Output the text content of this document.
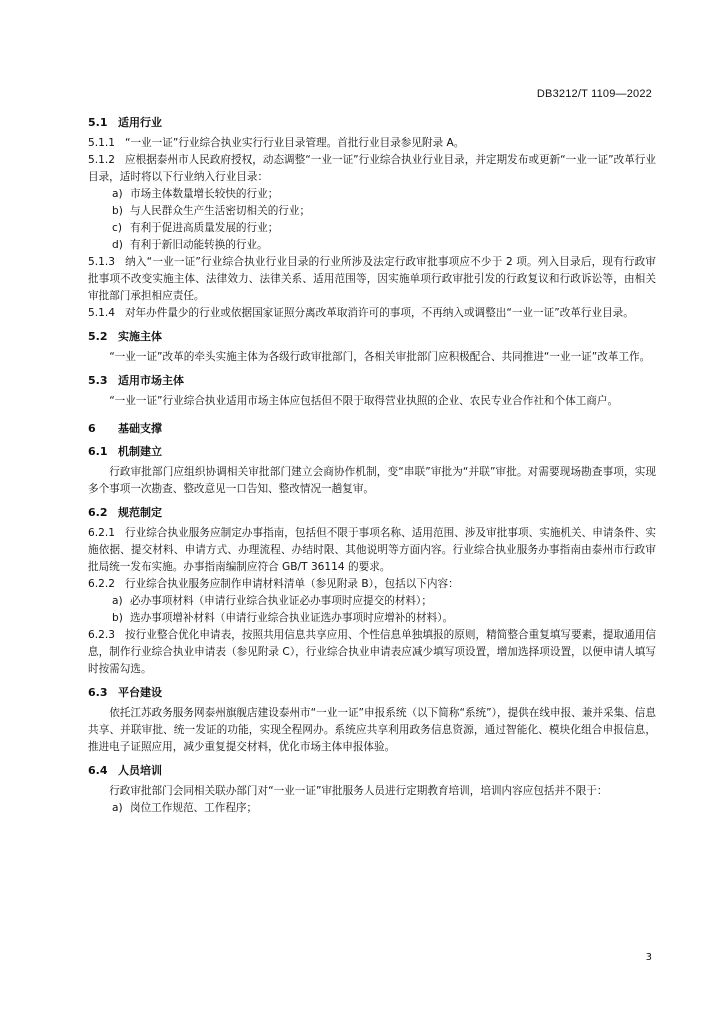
DB3212/T 1109—2022
5.1 适用行业

5.1.1 “一业一证”行业综合执业实行行业目录管理。首批行业目录参见附录 A。

5.1.2 应根据泰州市人民政府授权，动态调整“一业一证”行业综合执业行业目录，并定期发布或更新“一业一证”改革行业目录，适时将以下行业纳入行业目录：

a) 市场主体数量增长较快的行业；
b) 与人民群众生产生活密切相关的行业；
c) 有利于促进高质量发展的行业；
d) 有利于新旧动能转换的行业。

5.1.3 纳入“一业一证”行业综合执业行业目录的行业所涉及法定行政审批事项应不少于 2 项。列入目录后，现有行政审批事项不改变实施主体、法律效力、法律关系、适用范围等，因实施单项行政审批引发的行政复议和行政诉讼等，由相关审批部门承担相应责任。

5.1.4 对年办件量少的行业或依据国家证照分离改革取消许可的事项，不再纳入或调整出“一业一证”改革行业目录。

5.2 实施主体

“一业一证”改革的牵头实施主体为各级行政审批部门，各相关审批部门应积极配合、共同推进“一业一证”改革工作。

5.3 适用市场主体

“一业一证”行业综合执业适用市场主体应包括但不限于取得营业执照的企业、农民专业合作社和个体工商户。

6 基础支撑
6.1 机制建立

行政审批部门应组织协调相关审批部门建立会商协作机制，变“串联”审批为“并联”审批。对需要现场勘查事项，实现多个事项一次勘查、整改意见一口告知、整改情况一趟复审。

6.2 规范制定

6.2.1 行业综合执业服务应制定办事指南，包括但不限于事项名称、适用范围、涉及审批事项、实施机关、申请条件、实施依据、提交材料、申请方式、办理流程、办结时限、其他说明等方面内容。行业综合执业服务办事指南由泰州市行政审批局统一发布实施。办事指南编制应符合 GB/T 36114 的要求。

6.2.2 行业综合执业服务应制作申请材料清单（参见附录 B），包括以下内容：

a) 必办事项材料（申请行业综合执业证必办事项时应提交的材料）；
b) 选办事项增补材料（申请行业综合执业证选办事项时应增补的材料）。

6.2.3 按行业整合优化申请表，按照共用信息共享应用、个性信息单独填报的原则，精简整合重复填写要素，提取通用信息，制作行业综合执业申请表（参见附录 C），行业综合执业申请表应减少填写项设置，增加选择项设置，以便申请人填写时按需勾选。

6.3 平台建设

依托江苏政务服务网泰州旗舰店建设泰州市“一业一证”申报系统（以下简称“系统”），提供在线申报、兼并采集、信息共享、并联审批、统一发证的功能，实现全程网办。系统应共享利用政务信息资源，通过智能化、模块化组合申报信息，推进电子证照应用，减少重复提交材料，优化市场主体申报体验。

6.4 人员培训

行政审批部门会同相关联办部门对“一业一证”审批服务人员进行定期教育培训，培训内容应包括并不限于：

a) 岗位工作规范、工作程序；
3
